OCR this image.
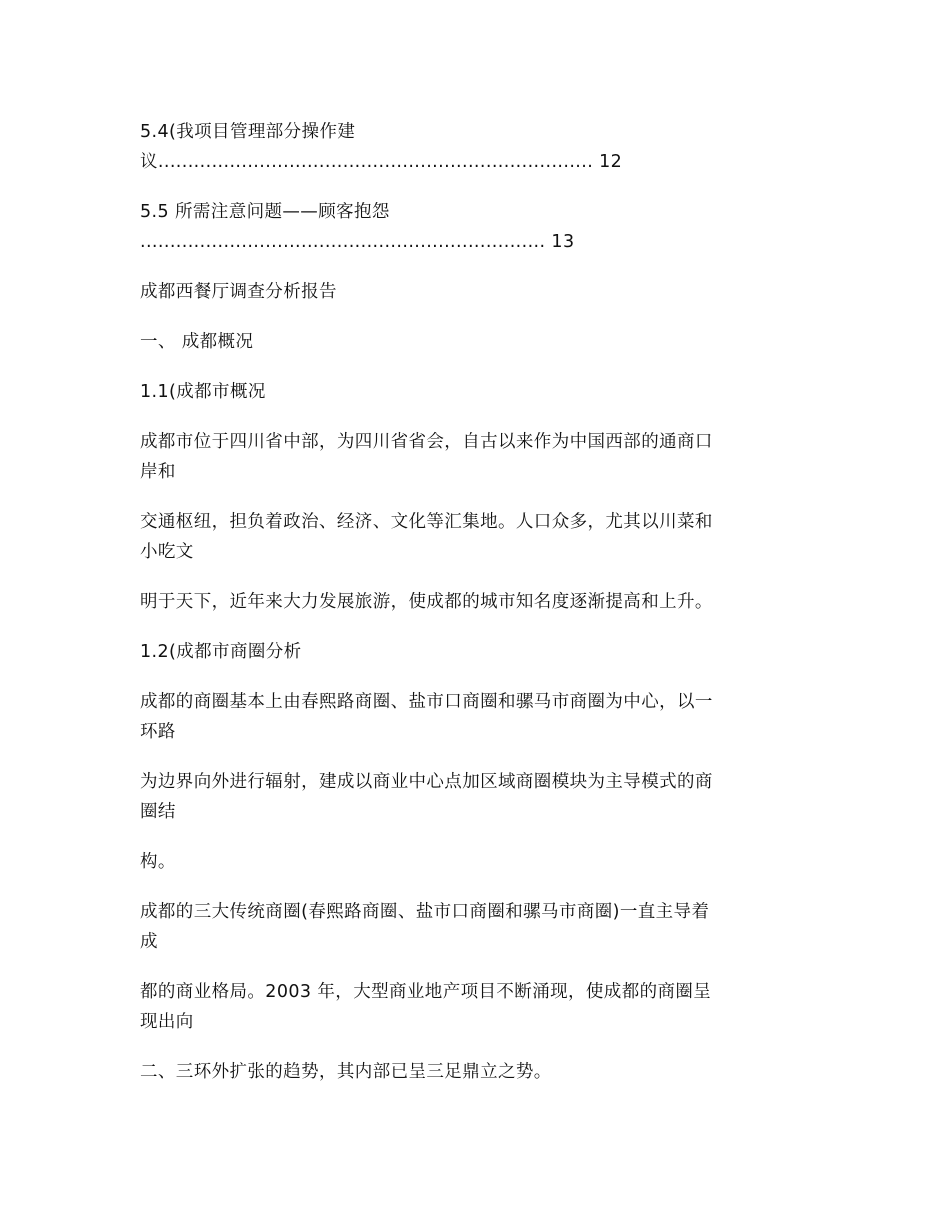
5.4(我项目管理部分操作建
议......................................................................... 12
5.5 所需注意问题——顾客抱怨
.................................................................... 13
成都西餐厅调查分析报告
一、 成都概况
1.1(成都市概况
成都市位于四川省中部，为四川省省会，自古以来作为中国西部的通商口
岸和
交通枢纽，担负着政治、经济、文化等汇集地。人口众多，尤其以川菜和
小吃文
明于天下，近年来大力发展旅游，使成都的城市知名度逐渐提高和上升。
1.2(成都市商圈分析
成都的商圈基本上由春熙路商圈、盐市口商圈和骡马市商圈为中心，以一
环路
为边界向外进行辐射，建成以商业中心点加区域商圈模块为主导模式的商
圈结
构。
成都的三大传统商圈(春熙路商圈、盐市口商圈和骡马市商圈)一直主导着
成
都的商业格局。2003 年，大型商业地产项目不断涌现，使成都的商圈呈
现出向
二、三环外扩张的趋势，其内部已呈三足鼎立之势。
